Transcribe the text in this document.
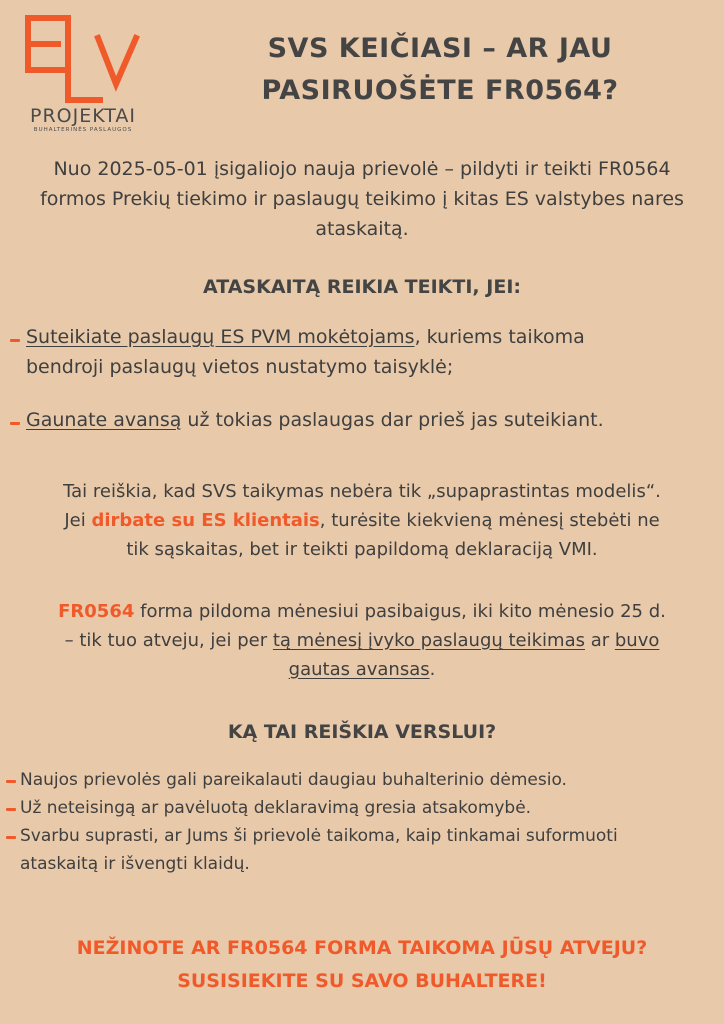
PROJEKTAI
BUHALTERINĖS PASLAUGOS
SVS KEIČIASI – AR JAU
PASIRUOŠĖTE FR0564?
Nuo 2025-05-01 įsigaliojo nauja prievolė – pildyti ir teikti FR0564 formos Prekių tiekimo ir paslaugų teikimo į kitas ES valstybes nares ataskaitą.
ATASKAITĄ REIKIA TEIKTI, JEI:
Suteikiate paslaugų ES PVM mokėtojams, kuriems taikoma
bendroji paslaugų vietos nustatymo taisyklė;
Gaunate avansą už tokias paslaugas dar prieš jas suteikiant.
Tai reiškia, kad SVS taikymas nebėra tik „supaprastintas modelis“.
Jei dirbate su ES klientais, turėsite kiekvieną mėnesį stebėti ne
tik sąskaitas, bet ir teikti papildomą deklaraciją VMI.
FR0564 forma pildoma mėnesiui pasibaigus, iki kito mėnesio 25 d.
– tik tuo atveju, jei per tą mėnesį įvyko paslaugų teikimas ar buvo
gautas avansas.
KĄ TAI REIŠKIA VERSLUI?
Naujos prievolės gali pareikalauti daugiau buhalterinio dėmesio.
Už neteisingą ar pavėluotą deklaravimą gresia atsakomybė.
Svarbu suprasti, ar Jums ši prievolė taikoma, kaip tinkamai suformuoti
ataskaitą ir išvengti klaidų.
NEŽINOTE AR FR0564 FORMA TAIKOMA JŪSŲ ATVEJU?
SUSISIEKITE SU SAVO BUHALTERE!
